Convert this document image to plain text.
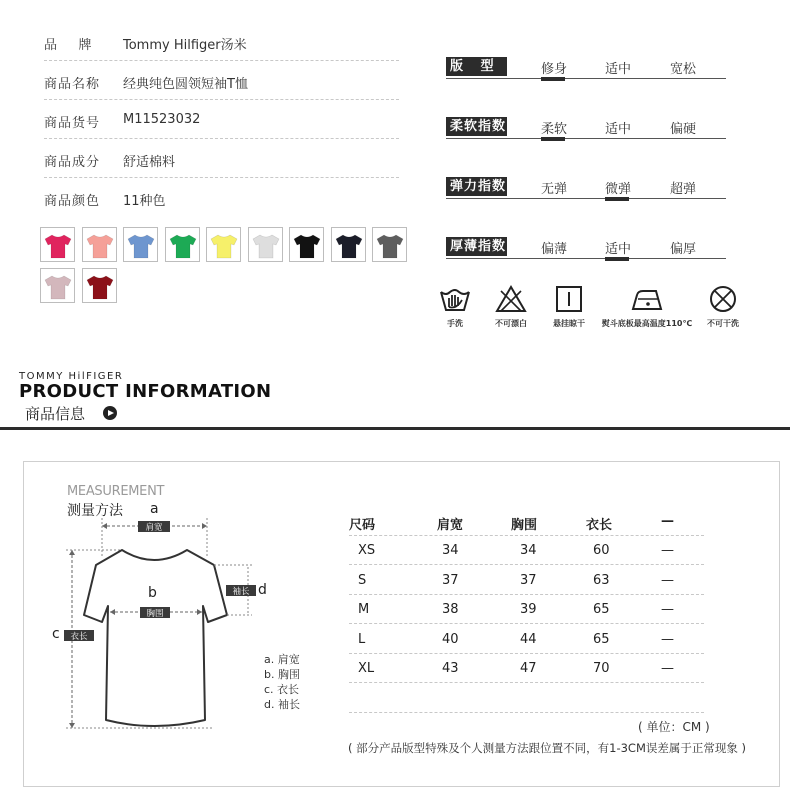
品    牌 Tommy Hilfiger汤米
商品名称 经典纯色圆领短袖T恤
商品货号 M11523032
商品成分 舒适棉料
商品颜色 11种色
版   型	修身	适中	宽松
柔软指数	柔软	适中	偏硬
弹力指数	无弹	微弹	超弹
厚薄指数	偏薄	适中	偏厚
手洗	不可漂白	悬挂晾干	熨斗底板最高温度110℃	不可干洗
TOMMY HilFIGER
PRODUCT INFORMATION
商品信息
MEASUREMENT
测量方法
肩宽
衣长
胸围
袖长
a
b
c
d
a. 肩宽
b. 胸围
c. 衣长
d. 袖长
尺码	肩宽	胸围	衣长	—
XS	34	34	60	—
S	37	37	63	—
M	38	39	65	—
L	40	44	65	—
XL	43	47	70	—
( 单位：CM )
( 部分产品版型特殊及个人测量方法跟位置不同，有1-3CM误差属于正常现象 )
